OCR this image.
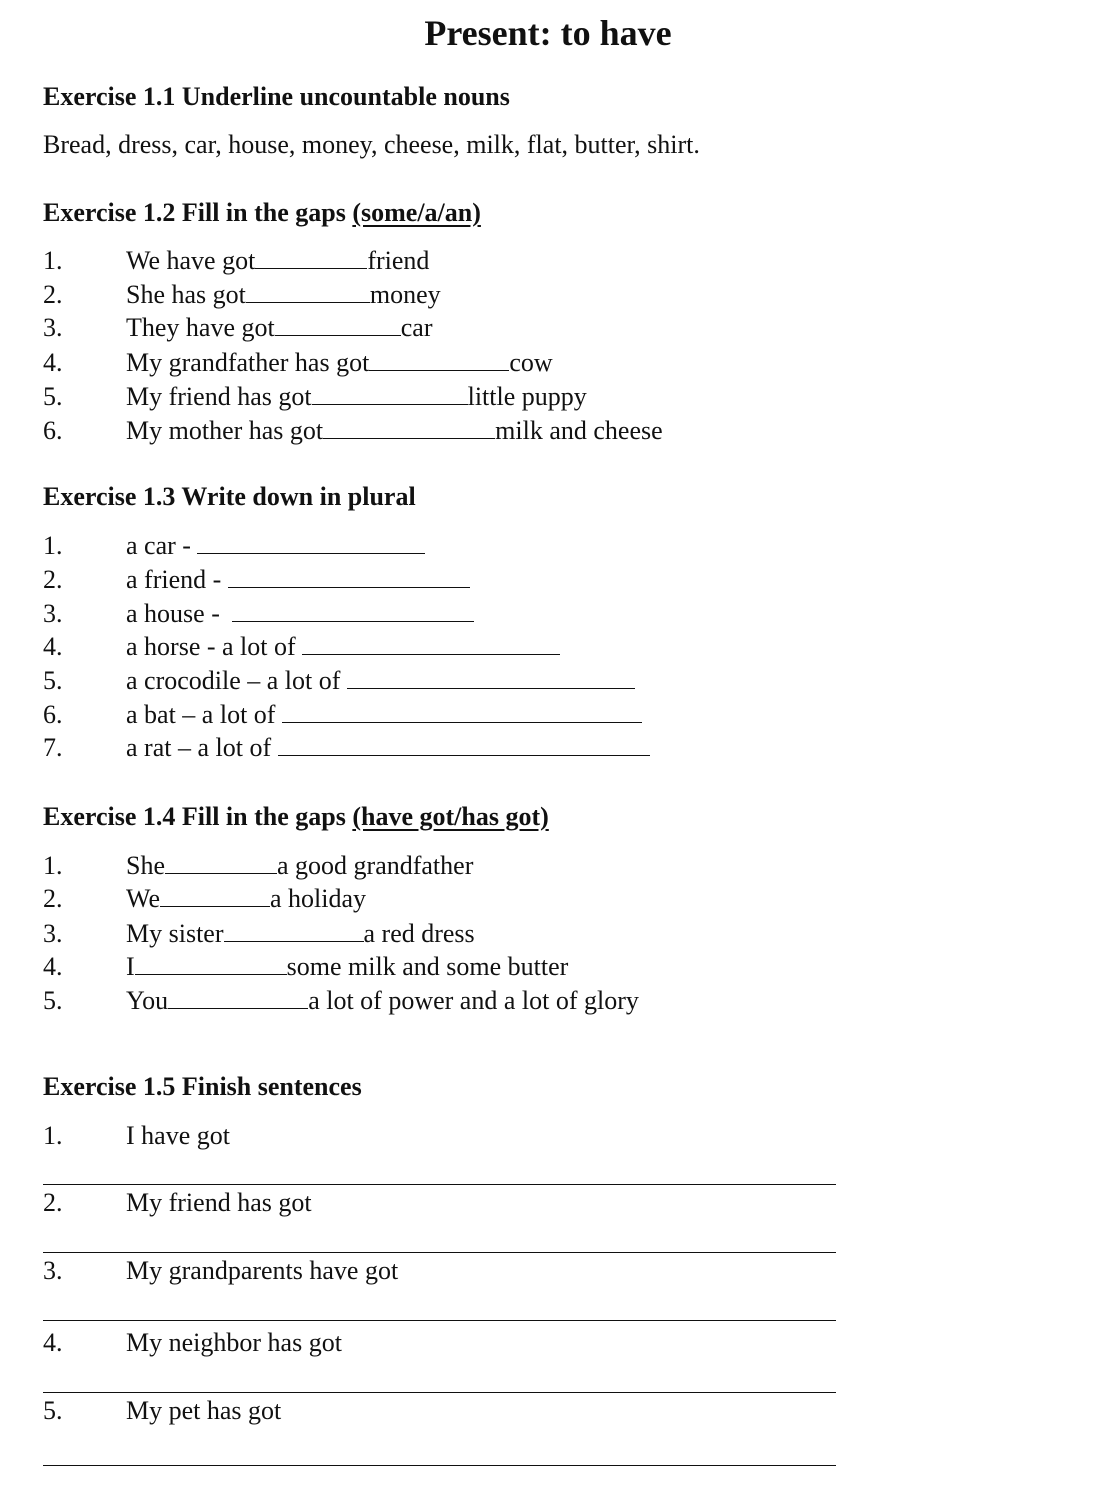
Present: to have
Exercise 1.1 Underline uncountable nouns
Bread, dress, car, house, money, cheese, milk, flat, butter, shirt.
Exercise 1.2 Fill in the gaps (some/a/an)
1. We have got	friend
2. She has got	money
3. They have got	car
4. My grandfather has got	cow
5. My friend has got	little puppy
6. My mother has got	milk and cheese
Exercise 1.3 Write down in plural
1. a car -
2. a friend -
3. a house -
4. a horse - a lot of
5. a crocodile – a lot of
6. a bat – a lot of
7. a rat – a lot of
Exercise 1.4 Fill in the gaps (have got/has got)
1. She	a good grandfather
2. We	a holiday
3. My sister	a red dress
4. I	some milk and some butter
5. You	a lot of power and a lot of glory
Exercise 1.5 Finish sentences
1. I have got
2. My friend has got
3. My grandparents have got
4. My neighbor has got
5. My pet has got
